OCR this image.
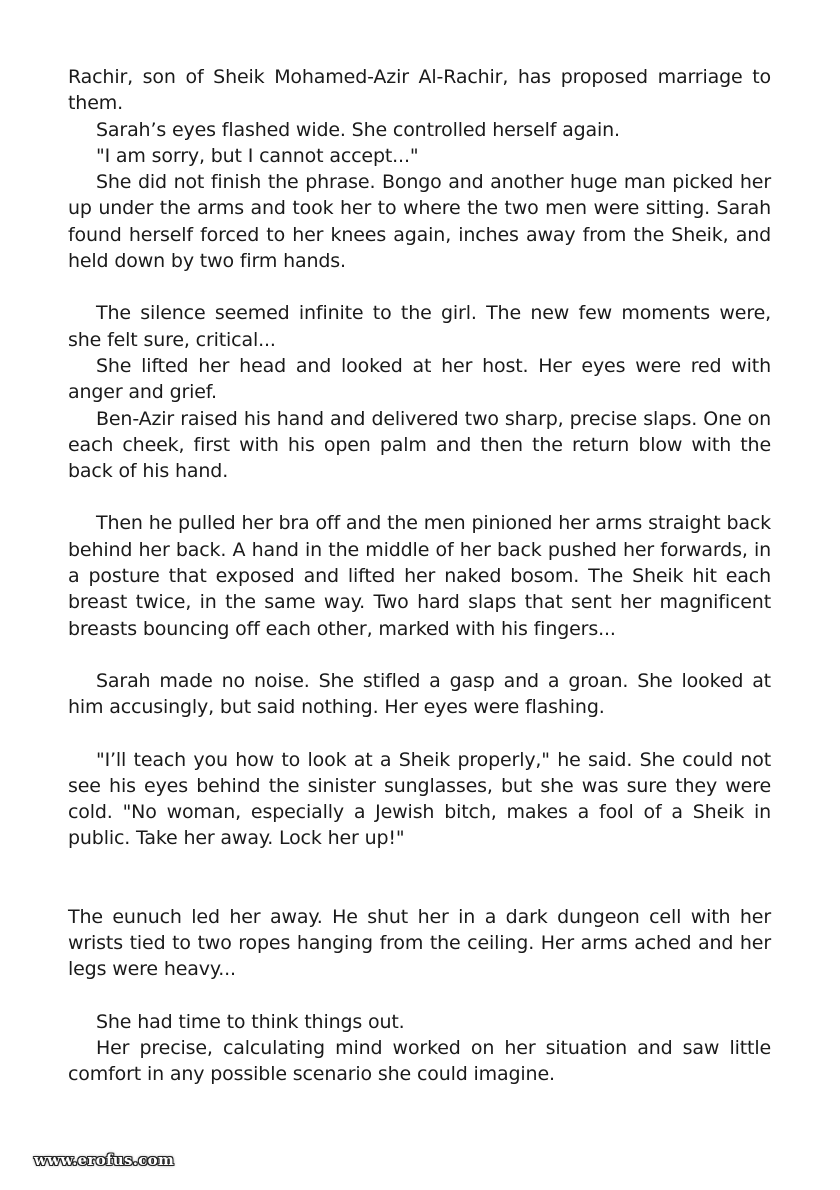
Rachir, son of Sheik Mohamed-Azir Al-Rachir, has proposed marriage to them.

Sarah’s eyes flashed wide. She controlled herself again.

"I am sorry, but I cannot accept..."

She did not finish the phrase. Bongo and another huge man picked her up under the arms and took her to where the two men were sitting. Sarah found herself forced to her knees again, inches away from the Sheik, and held down by two firm hands.

The silence seemed infinite to the girl. The new few moments were, she felt sure, critical...

She lifted her head and looked at her host. Her eyes were red with anger and grief.

Ben-Azir raised his hand and delivered two sharp, precise slaps. One on each cheek, first with his open palm and then the return blow with the back of his hand.

Then he pulled her bra off and the men pinioned her arms straight back behind her back. A hand in the middle of her back pushed her forwards, in a posture that exposed and lifted her naked bosom. The Sheik hit each breast twice, in the same way. Two hard slaps that sent her magnificent breasts bouncing off each other, marked with his fingers...

Sarah made no noise. She stifled a gasp and a groan. She looked at him accusingly, but said nothing. Her eyes were flashing.

"I’ll teach you how to look at a Sheik properly," he said. She could not see his eyes behind the sinister sunglasses, but she was sure they were cold. "No woman, especially a Jewish bitch, makes a fool of a Sheik in public. Take her away. Lock her up!"

The eunuch led her away. He shut her in a dark dungeon cell with her wrists tied to two ropes hanging from the ceiling. Her arms ached and her legs were heavy...

She had time to think things out.

Her precise, calculating mind worked on her situation and saw little comfort in any possible scenario she could imagine.

www.erofus.com
